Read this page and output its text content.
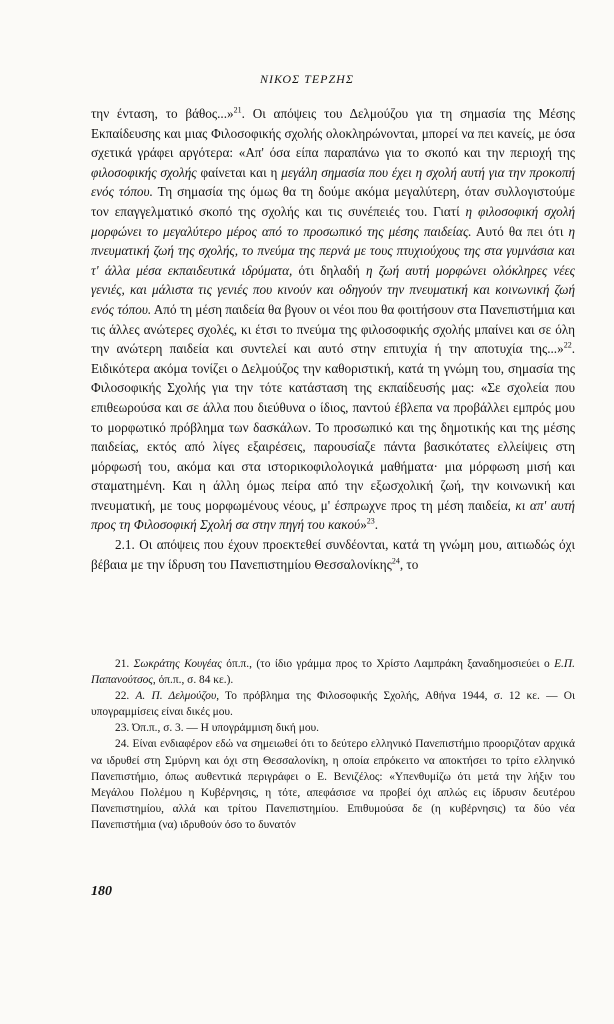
ΝΙΚΟΣ ΤΕΡΖΗΣ

την ένταση, το βάθος...»$^{21}$. Οι απόψεις του Δελμούζου για τη σημασία της Μέσης Εκπαίδευσης και μιας Φιλοσοφικής σχολής ολοκληρώνονται, μπορεί να πει κανείς, με όσα σχετικά γράφει αργότερα: «Απ' όσα είπα παραπάνω για το σκοπό και την περιοχή της φιλοσοφικής σχολής φαίνεται και η μεγάλη σημασία που έχει η σχολή αυτή για την προκοπή ενός τόπου. Τη σημασία της όμως θα τη δούμε ακόμα μεγαλύτερη, όταν συλλογιστούμε τον επαγγελματικό σκοπό της σχολής και τις συνέπειές του. Γιατί η φιλοσοφική σχολή μορφώνει το μεγαλύτερο μέρος από το προσωπικό της μέσης παιδείας. Αυτό θα πει ότι η πνευματική ζωή της σχολής, το πνεύμα της περνά με τους πτυχιούχους της στα γυμνάσια και τ' άλλα μέσα εκπαιδευτικά ιδρύματα, ότι δηλαδή η ζωή αυτή μορφώνει ολόκληρες νέες γενιές, και μάλιστα τις γενιές που κινούν και οδηγούν την πνευματική και κοινωνική ζωή ενός τόπου. Από τη μέση παιδεία θα βγουν οι νέοι που θα φοιτήσουν στα Πανεπιστήμια και τις άλλες ανώτερες σχολές, κι έτσι το πνεύμα της φιλοσοφικής σχολής μπαίνει και σε όλη την ανώτερη παιδεία και συντελεί και αυτό στην επιτυχία ή την αποτυχία της...»$^{22}$. Ειδικότερα ακόμα τονίζει ο Δελμούζος την καθοριστική, κατά τη γνώμη του, σημασία της Φιλοσοφικής Σχολής για την τότε κατάσταση της εκπαίδευσής μας: «Σε σχολεία που επιθεωρούσα και σε άλλα που διεύθυνα ο ίδιος, παντού έβλεπα να προβάλλει εμπρός μου το μορφωτικό πρόβλημα των δασκάλων. Το προσωπικό και της δημοτικής και της μέσης παιδείας, εκτός από λίγες εξαιρέσεις, παρουσίαζε πάντα βασικότατες ελλείψεις στη μόρφωσή του, ακόμα και στα ιστορικοφιλολογικά μαθήματα· μια μόρφωση μισή και σταματημένη. Και η άλλη όμως πείρα από την εξωσχολική ζωή, την κοινωνική και πνευματική, με τους μορφωμένους νέους, μ' έσπρωχνε προς τη μέση παιδεία, κι απ' αυτή προς τη Φιλοσοφική Σχολή σα στην πηγή του κακού»$^{23}$.

2.1. Οι απόψεις που έχουν προεκτεθεί συνδέονται, κατά τη γνώμη μου, αιτιωδώς όχι βέβαια με την ίδρυση του Πανεπιστημίου Θεσσαλονίκης$^{24}$, το

21. Σωκράτης Κουγέας όπ.π., (το ίδιο γράμμα προς το Χρίστο Λαμπράκη ξαναδημοσιεύει ο Ε.Π. Παπανούτσος, όπ.π., σ. 84 κε.).

22. Α. Π. Δελμούζου, Το πρόβλημα της Φιλοσοφικής Σχολής, Αθήνα 1944, σ. 12 κε. — Οι υπογραμμίσεις είναι δικές μου.

23. Όπ.π., σ. 3. — Η υπογράμμιση δική μου.

24. Είναι ενδιαφέρον εδώ να σημειωθεί ότι το δεύτερο ελληνικό Πανεπιστήμιο προοριζόταν αρχικά να ιδρυθεί στη Σμύρνη και όχι στη Θεσσαλονίκη, η οποία επρόκειτο να αποκτήσει το τρίτο ελληνικό Πανεπιστήμιο, όπως αυθεντικά περιγράφει ο Ε. Βενιζέλος: «Υπενθυμίζω ότι μετά την λήξιν του Μεγάλου Πολέμου η Κυβέρνησις, η τότε, απεφάσισε να προβεί όχι απλώς εις ίδρυσιν δευτέρου Πανεπιστημίου, αλλά και τρίτου Πανεπιστημίου. Επιθυμούσα δε (η κυβέρνησις) τα δύο νέα Πανεπιστήμια (να) ιδρυθούν όσο το δυνατόν

180
